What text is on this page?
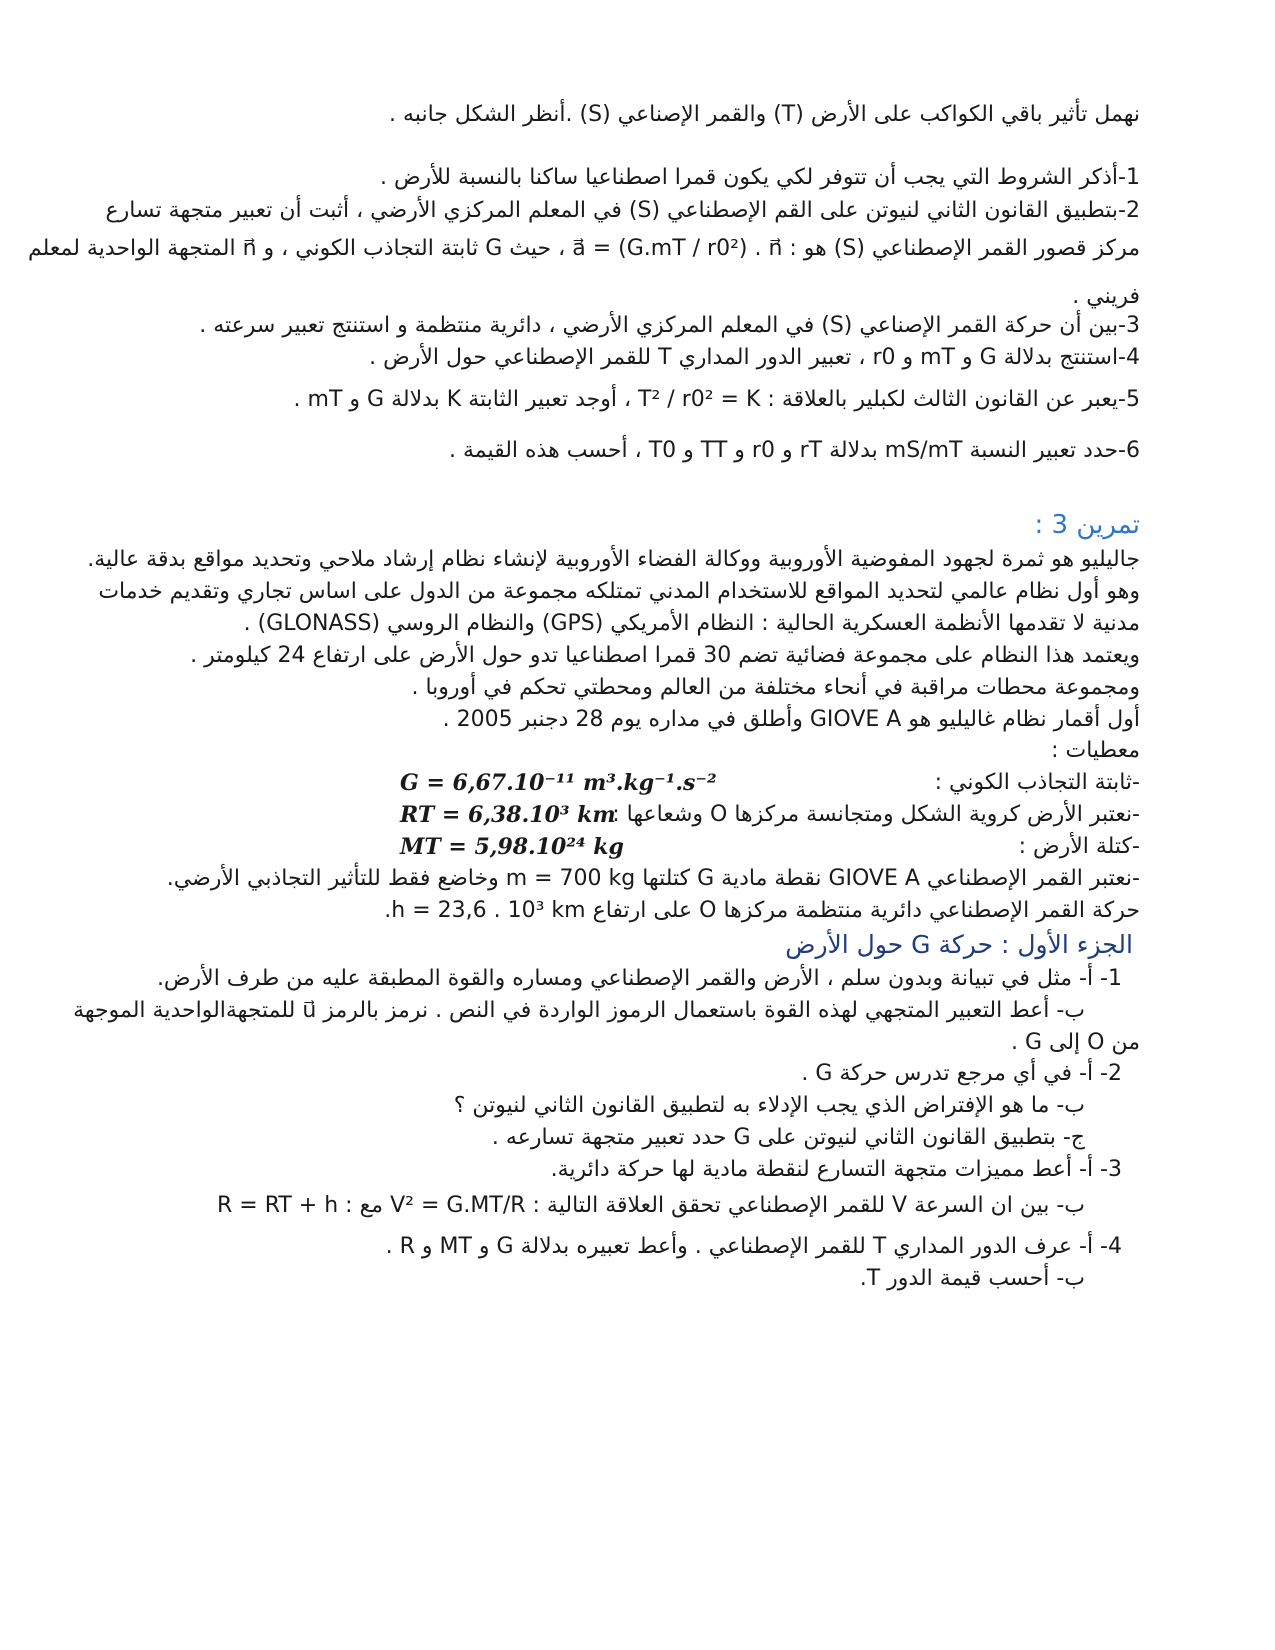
نهمل تأثير باقي الكواكب على الأرض (T) والقمر الإصناعي (S) .أنظر الشكل جانبه .
1-أذكر الشروط التي يجب أن تتوفر لكي يكون قمرا اصطناعيا ساكنا بالنسبة للأرض .
2-بتطبيق القانون الثاني لنيوتن على القم الإصطناعي (S) في المعلم المركزي الأرضي ، أثبت أن تعبير متجهة تسارع
مركز قصور القمر الإصطناعي (S) هو : a⃗ = (G.mT / r0²) . n⃗ ، حيث G ثابتة التجاذب الكوني ، و n⃗ المتجهة الواحدية لمعلم
فريني .
3-بين أن حركة القمر الإصناعي (S) في المعلم المركزي الأرضي ، دائرية منتظمة و استنتج تعبير سرعته .
4-استنتج بدلالة G و mT و r0 ، تعبير الدور المداري T للقمر الإصطناعي حول الأرض .
5-يعبر عن القانون الثالث لكبلير بالعلاقة : T² / r0² = K ، أوجد تعبير الثابتة K بدلالة G و mT .
6-حدد تعبير النسبة mS/mT بدلالة rT و r0 و TT و T0 ، أحسب هذه القيمة .
تمرين 3 :
جاليليو هو ثمرة لجهود المفوضية الأوروبية ووكالة الفضاء الأوروبية لإنشاء نظام إرشاد ملاحي وتحديد مواقع بدقة عالية.
وهو أول نظام عالمي لتحديد المواقع للاستخدام المدني تمتلكه مجموعة من الدول على اساس تجاري وتقديم خدمات
مدنية لا تقدمها الأنظمة العسكرية الحالية : النظام الأمريكي (GPS) والنظام الروسي (GLONASS) .
ويعتمد هذا النظام على مجموعة فضائية تضم 30 قمرا اصطناعيا تدو حول الأرض على ارتفاع 24 كيلومتر .
ومجموعة محطات مراقبة في أنحاء مختلفة من العالم ومحطتي تحكم في أوروبا .
أول أقمار نظام غاليليو هو GIOVE A وأطلق في مداره يوم 28 دجنبر 2005 .
معطيات :
-ثابتة التجاذب الكوني :
G = 6,67.10⁻¹¹ m³.kg⁻¹.s⁻²
-نعتبر الأرض كروية الشكل ومتجانسة مركزها O وشعاعها :
RT = 6,38.10³ km
-كتلة الأرض :
MT = 5,98.10²⁴ kg
-نعتبر القمر الإصطناعي GIOVE A نقطة مادية G كتلتها m = 700 kg وخاضع فقط للتأثير التجاذبي الأرضي.
حركة القمر الإصطناعي دائرية منتظمة مركزها O على ارتفاع h = 23,6 . 10³ km.
الجزء الأول : حركة G حول الأرض
1- أ- مثل في تبيانة وبدون سلم ، الأرض والقمر الإصطناعي ومساره والقوة المطبقة عليه من طرف الأرض.
ب- أعط التعبير المتجهي لهذه القوة باستعمال الرموز الواردة في النص . نرمز بالرمز u⃗ للمتجهةالواحدية الموجهة
من O إلى G .
2- أ- في أي مرجع تدرس حركة G .
ب- ما هو الإفتراض الذي يجب الإدلاء به لتطبيق القانون الثاني لنيوتن ؟
ج- بتطبيق القانون الثاني لنيوتن على G حدد تعبير متجهة تسارعه .
3- أ- أعط مميزات متجهة التسارع لنقطة مادية لها حركة دائرية.
ب- بين ان السرعة V للقمر الإصطناعي تحقق العلاقة التالية : V² = G.MT/R مع : R = RT + h
4- أ- عرف الدور المداري T للقمر الإصطناعي . وأعط تعبيره بدلالة G و MT و R .
ب- أحسب قيمة الدور T.
